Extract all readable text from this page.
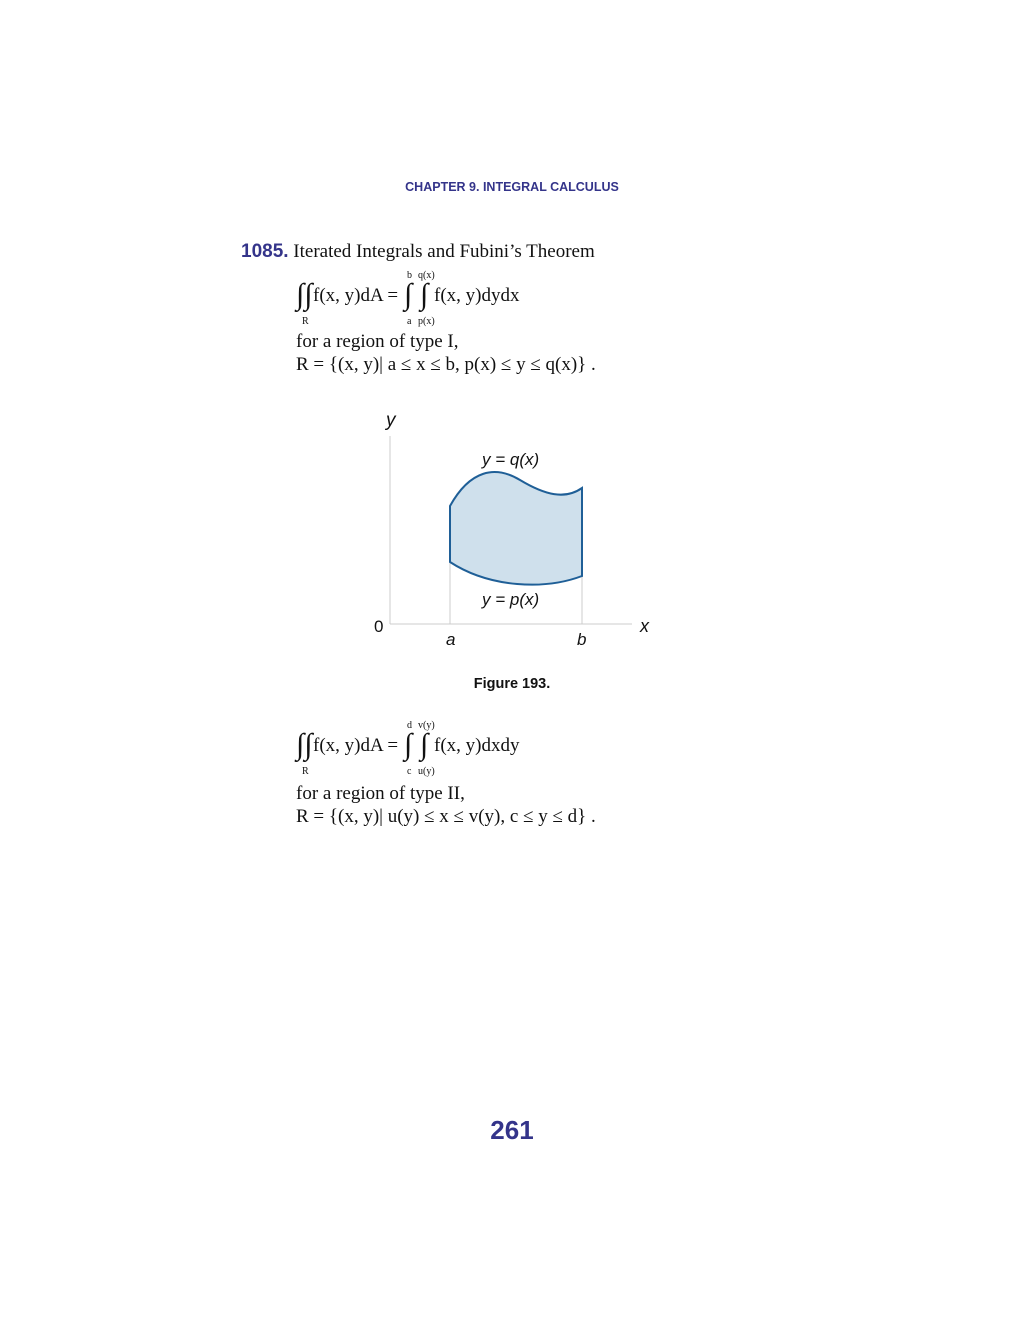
CHAPTER 9. INTEGRAL CALCULUS
1085. Iterated Integrals and Fubini’s Theorem
∫∫
R
f(x, y)dA =
b
∫
a
q(x)
∫
p(x)
f(x, y)dydx
for a region of type I,
R = {(x, y)| a ≤ x ≤ b, p(x) ≤ y ≤ q(x)} .
y
x
0
y = q(x)
y = p(x)
a	b
Figure 193.
∫∫
R
f(x, y)dA =
d
∫
c
v(y)
∫
u(y)
f(x, y)dxdy
for a region of type II,
R = {(x, y)| u(y) ≤ x ≤ v(y), c ≤ y ≤ d} .
261
